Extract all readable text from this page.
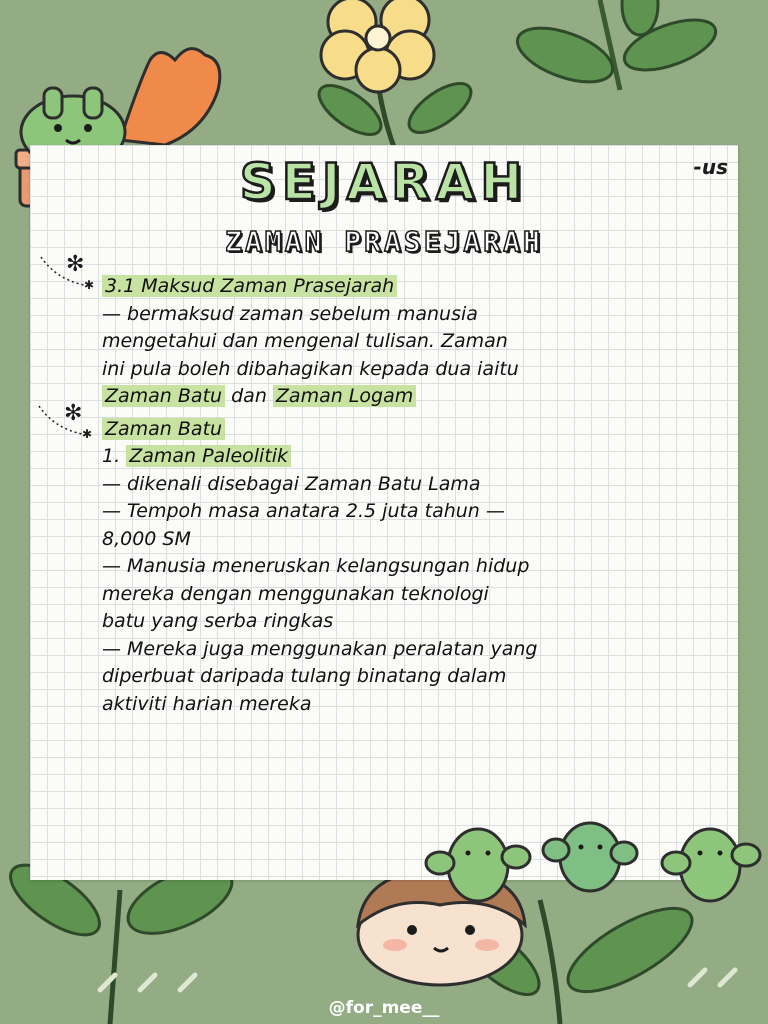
SEJARAH	-us
ZAMAN PRASEJARAH
✻
✱
✻
✱

3.1 Maksud Zaman Prasejarah

— bermaksud zaman sebelum manusia

mengetahui dan mengenal tulisan. Zaman

ini pula boleh dibahagikan kepada dua iaitu

Zaman Batu dan Zaman Logam

Zaman Batu

1. Zaman Paleolitik

— dikenali disebagai Zaman Batu Lama

— Tempoh masa anatara 2.5 juta tahun —

8,000 SM

— Manusia meneruskan kelangsungan hidup

mereka dengan menggunakan teknologi

batu yang serba ringkas

— Mereka juga menggunakan peralatan yang

diperbuat daripada tulang binatang dalam

aktiviti harian mereka

@for_mee__
